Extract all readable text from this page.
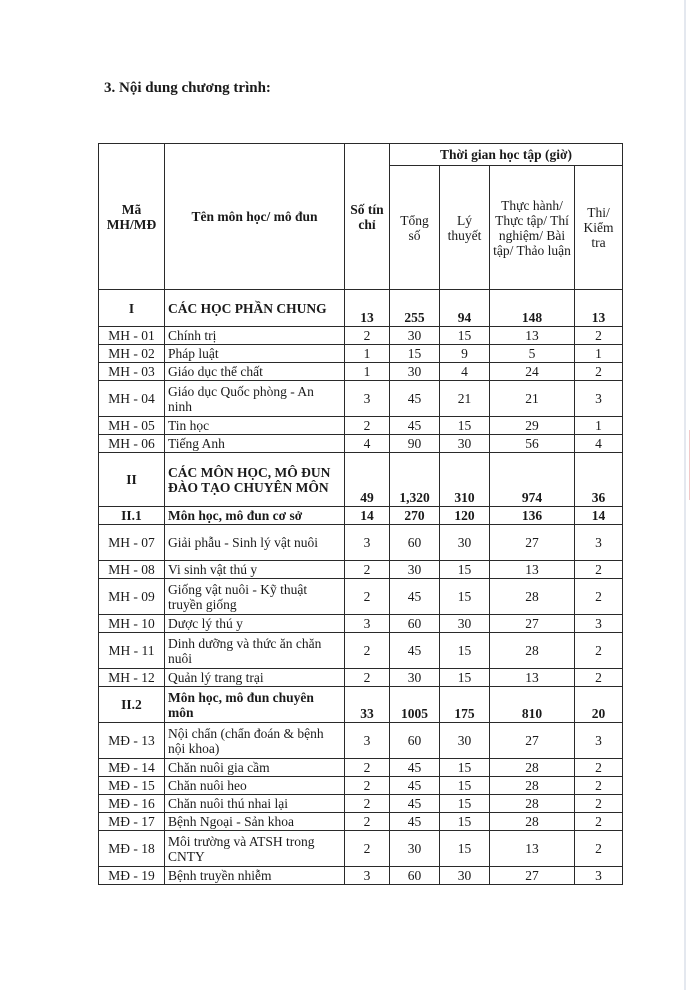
3. Nội dung chương trình:
Mã MH/MĐ	Tên môn học/ mô đun	Số tín chỉ	Thời gian học tập (giờ)			
			Tổng số	Lý thuyết	Thực hành/ Thực tập/ Thí nghiệm/ Bài tập/ Thảo luận	Thi/ Kiểm tra
I	CÁC HỌC PHẦN CHUNG	13	255	94	148	13
MH - 01	Chính trị	2	30	15	13	2
MH - 02	Pháp luật	1	15	9	5	1
MH - 03	Giáo dục thể chất	1	30	4	24	2
MH - 04	Giáo dục Quốc phòng - An ninh	3	45	21	21	3
MH - 05	Tin học	2	45	15	29	1
MH - 06	Tiếng Anh	4	90	30	56	4
II	CÁC MÔN HỌC, MÔ ĐUN ĐÀO TẠO CHUYÊN MÔN	49	1,320	310	974	36
II.1	Môn học, mô đun cơ sở	14	270	120	136	14
MH - 07	Giải phẫu - Sinh lý vật nuôi	3	60	30	27	3
MH - 08	Vi sinh vật thú y	2	30	15	13	2
MH - 09	Giống vật nuôi - Kỹ thuật truyền giống	2	45	15	28	2
MH - 10	Dược lý thú y	3	60	30	27	3
MH - 11	Dinh dưỡng và thức ăn chăn nuôi	2	45	15	28	2
MH - 12	Quản lý trang trại	2	30	15	13	2
II.2	Môn học, mô đun chuyên môn	33	1005	175	810	20
MĐ - 13	Nội chẩn (chẩn đoán & bệnh nội khoa)	3	60	30	27	3
MĐ - 14	Chăn nuôi gia cầm	2	45	15	28	2
MĐ - 15	Chăn nuôi heo	2	45	15	28	2
MĐ - 16	Chăn nuôi thú nhai lại	2	45	15	28	2
MĐ - 17	Bệnh Ngoại - Sản khoa	2	45	15	28	2
MĐ - 18	Môi trường và ATSH trong CNTY	2	30	15	13	2
MĐ - 19	Bệnh truyền nhiễm	3	60	30	27	3
